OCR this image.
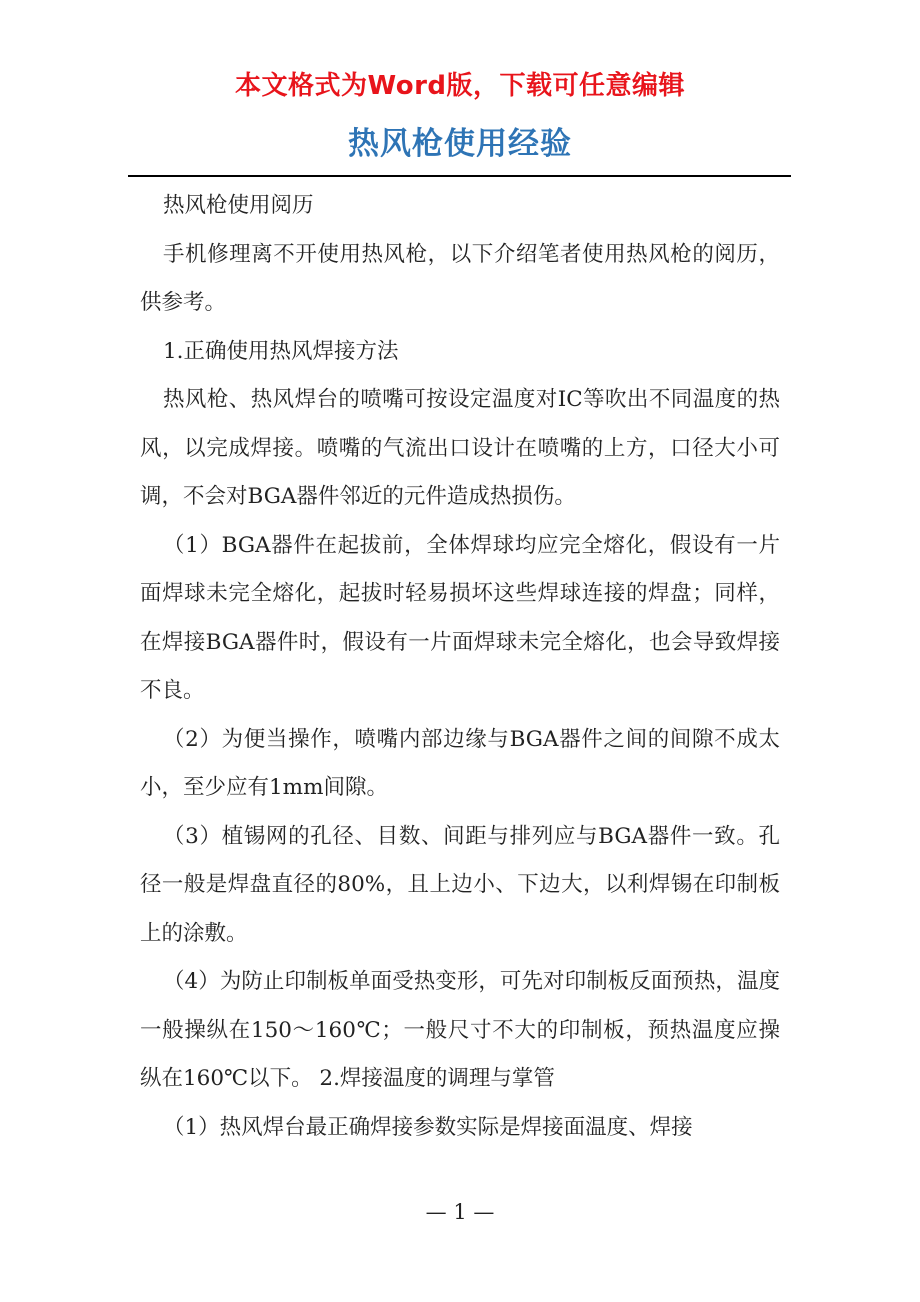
本文格式为Word版，下载可任意编辑
热风枪使用经验

热风枪使用阅历

手机修理离不开使用热风枪，以下介绍笔者使用热风枪的阅历，供参考。

1.正确使用热风焊接方法

热风枪、热风焊台的喷嘴可按设定温度对IC等吹出不同温度的热风，以完成焊接。喷嘴的气流出口设计在喷嘴的上方，口径大小可调，不会对BGA器件邻近的元件造成热损伤。

（1）BGA器件在起拔前，全体焊球均应完全熔化，假设有一片面焊球未完全熔化，起拔时轻易损坏这些焊球连接的焊盘；同样，在焊接BGA器件时，假设有一片面焊球未完全熔化，也会导致焊接不良。

（2）为便当操作，喷嘴内部边缘与BGA器件之间的间隙不成太小，至少应有1mm间隙。

（3）植锡网的孔径、目数、间距与排列应与BGA器件一致。孔径一般是焊盘直径的80%，且上边小、下边大，以利焊锡在印制板上的涂敷。

（4）为防止印制板单面受热变形，可先对印制板反面预热，温度一般操纵在150～160℃；一般尺寸不大的印制板，预热温度应操纵在160℃以下。 2.焊接温度的调理与掌管

（1）热风焊台最正确焊接参数实际是焊接面温度、焊接

— 1 —
